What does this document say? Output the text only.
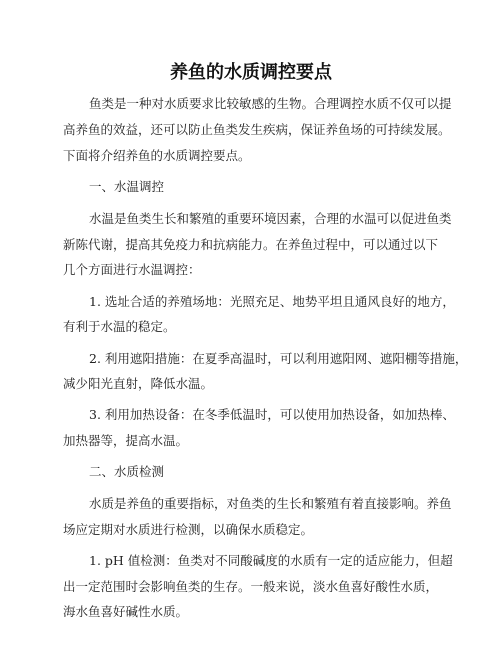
养鱼的水质调控要点
鱼类是一种对水质要求比较敏感的生物。合理调控水质不仅可以提
高养鱼的效益，还可以防止鱼类发生疾病，保证养鱼场的可持续发展。
下面将介绍养鱼的水质调控要点。
一、水温调控
水温是鱼类生长和繁殖的重要环境因素，合理的水温可以促进鱼类
新陈代谢，提高其免疫力和抗病能力。在养鱼过程中，可以通过以下
几个方面进行水温调控：
1. 选址合适的养殖场地：光照充足、地势平坦且通风良好的地方，
有利于水温的稳定。
2. 利用遮阳措施：在夏季高温时，可以利用遮阳网、遮阳棚等措施，
减少阳光直射，降低水温。
3. 利用加热设备：在冬季低温时，可以使用加热设备，如加热棒、
加热器等，提高水温。
二、水质检测
水质是养鱼的重要指标，对鱼类的生长和繁殖有着直接影响。养鱼
场应定期对水质进行检测，以确保水质稳定。
1. pH 值检测：鱼类对不同酸碱度的水质有一定的适应能力，但超
出一定范围时会影响鱼类的生存。一般来说，淡水鱼喜好酸性水质，
海水鱼喜好碱性水质。
